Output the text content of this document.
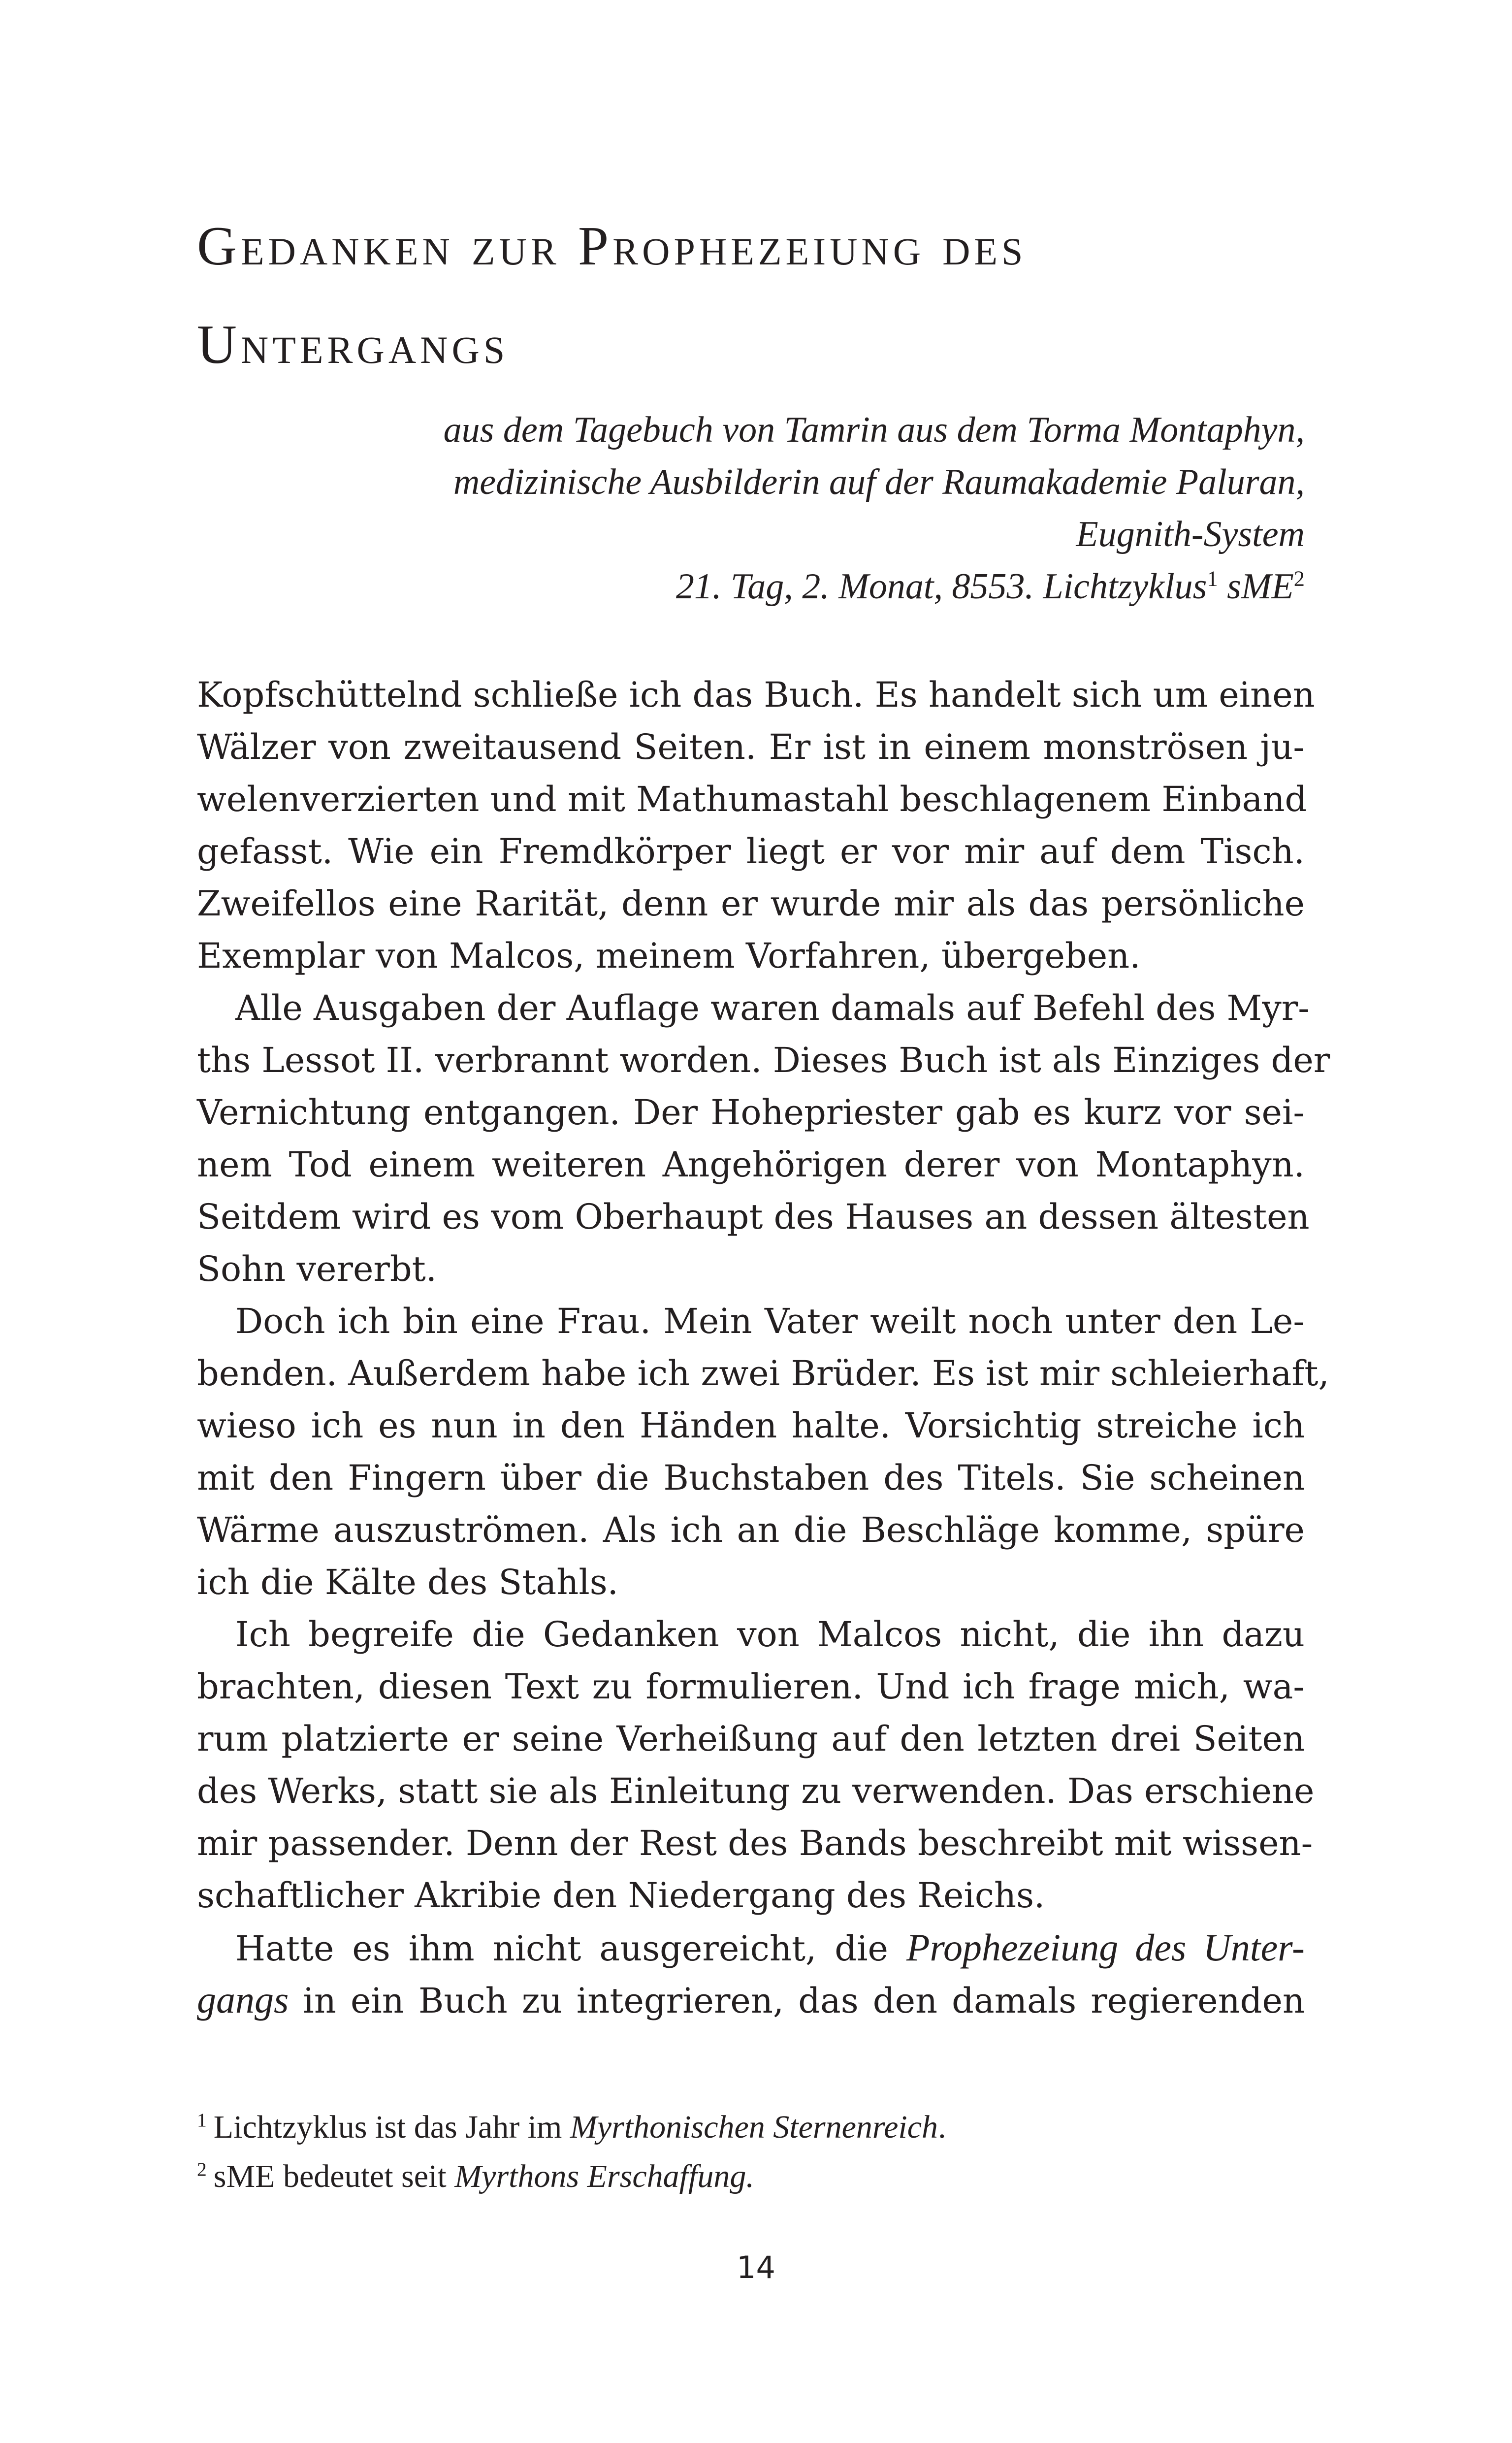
Gedanken zur Prophezeiung des
Untergangs
aus dem Tagebuch von Tamrin aus dem Torma Montaphyn,
medizinische Ausbilderin auf der Raumakademie Paluran,
Eugnith-System
21. Tag, 2. Monat, 8553. Lichtzyklus$^1$ sME$^2$
Kopfschüttelnd schließe ich das Buch. Es handelt sich um einen
Wälzer von zweitausend Seiten. Er ist in einem monströsen ju-
welenverzierten und mit Mathumastahl beschlagenem Einband
gefasst. Wie ein Fremdkörper liegt er vor mir auf dem Tisch.
Zweifellos eine Rarität, denn er wurde mir als das persönliche
Exemplar von Malcos, meinem Vorfahren, übergeben.
Alle Ausgaben der Auflage waren damals auf Befehl des Myr-
ths Lessot II. verbrannt worden. Dieses Buch ist als Einziges der
Vernichtung entgangen. Der Hohepriester gab es kurz vor sei-
nem Tod einem weiteren Angehörigen derer von Montaphyn.
Seitdem wird es vom Oberhaupt des Hauses an dessen ältesten
Sohn vererbt.
Doch ich bin eine Frau. Mein Vater weilt noch unter den Le-
benden. Außerdem habe ich zwei Brüder. Es ist mir schleierhaft,
wieso ich es nun in den Händen halte. Vorsichtig streiche ich
mit den Fingern über die Buchstaben des Titels. Sie scheinen
Wärme auszuströmen. Als ich an die Beschläge komme, spüre
ich die Kälte des Stahls.
Ich begreife die Gedanken von Malcos nicht, die ihn dazu
brachten, diesen Text zu formulieren. Und ich frage mich, wa-
rum platzierte er seine Verheißung auf den letzten drei Seiten
des Werks, statt sie als Einleitung zu verwenden. Das erschiene
mir passender. Denn der Rest des Bands beschreibt mit wissen-
schaftlicher Akribie den Niedergang des Reichs.
Hatte es ihm nicht ausgereicht, die Prophezeiung des Unter-
gangs in ein Buch zu integrieren, das den damals regierenden
$^1$ Lichtzyklus ist das Jahr im Myrthonischen Sternenreich.
$^2$ sME bedeutet seit Myrthons Erschaffung.
14
